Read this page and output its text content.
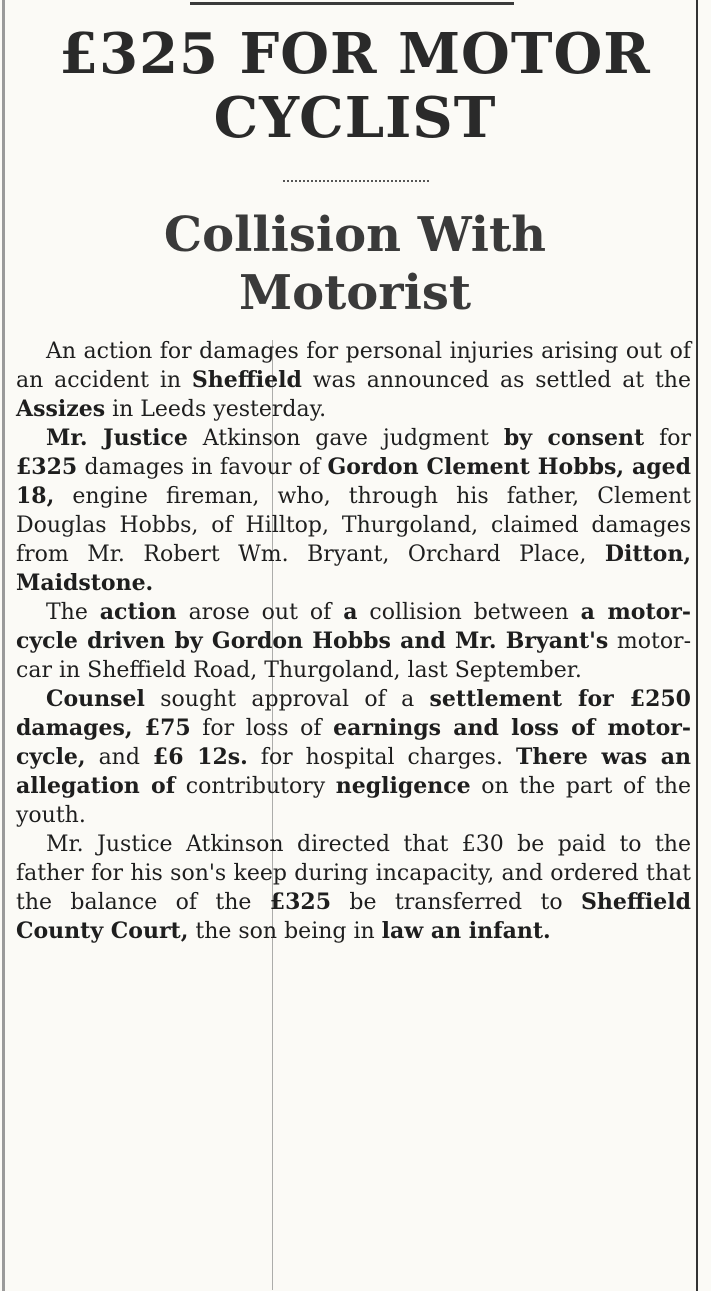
£325 FOR MOTOR CYCLIST
Collision With Motorist

An action for damages for personal injuries arising out of an accident in Sheffield was announced as settled at the Assizes in Leeds yesterday.

Mr. Justice Atkinson gave judgment by consent for £325 damages in favour of Gordon Clement Hobbs, aged 18, engine fireman, who, through his father, Clement Douglas Hobbs, of Hilltop, Thurgoland, claimed damages from Mr. Robert Wm. Bryant, Orchard Place, Ditton, Maidstone.

The action arose out of a collision between a motor-cycle driven by Gordon Hobbs and Mr. Bryant's motor-car in Sheffield Road, Thurgoland, last September.

Counsel sought approval of a settlement for £250 damages, £75 for loss of earnings and loss of motor-cycle, and £6 12s. for hospital charges. There was an allegation of contributory negligence on the part of the youth.

Mr. Justice Atkinson directed that £30 be paid to the father for his son's keep during incapacity, and ordered that the balance of the £325 be transferred to Sheffield County Court, the son being in law an infant.
